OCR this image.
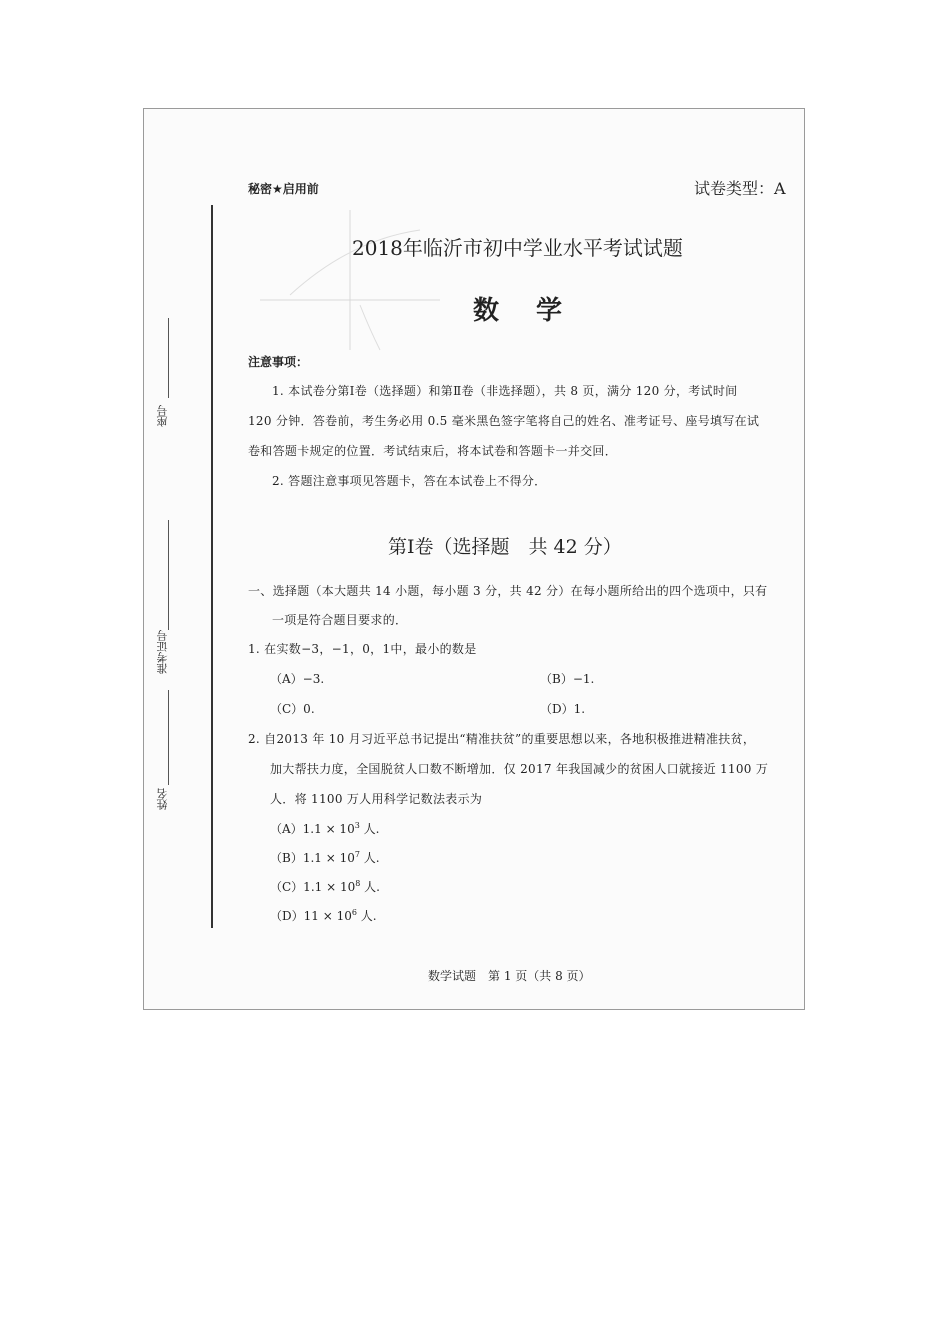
秘密★启用前	试卷类型：A
座号
准考证号
姓名
2018年临沂市初中学业水平考试试题
数 学
注意事项：
1. 本试卷分第Ⅰ卷（选择题）和第Ⅱ卷（非选择题），共 8 页，满分 120 分，考试时间
120 分钟．答卷前，考生务必用 0.5 毫米黑色签字笔将自己的姓名、准考证号、座号填写在试
卷和答题卡规定的位置．考试结束后，将本试卷和答题卡一并交回．
2. 答题注意事项见答题卡，答在本试卷上不得分．
第Ⅰ卷（选择题　共 42 分）
一、选择题（本大题共 14 小题，每小题 3 分，共 42 分）在每小题所给出的四个选项中，只有
一项是符合题目要求的．
1. 在实数−3，−1，0，1中，最小的数是
（A）−3.	（B）−1.
（C）0.	（D）1.
2. 自2013 年 10 月习近平总书记提出“精准扶贫”的重要思想以来，各地积极推进精准扶贫，
加大帮扶力度，全国脱贫人口数不断增加．仅 2017 年我国减少的贫困人口就接近 1100 万
人．将 1100 万人用科学记数法表示为
$(A)1.1 \times 10^3$ 人.
$(B)1.1 \times 10^7$ 人.
$(C)1.1 \times 10^8$ 人.
$(D)11 \times 10^6$ 人.
数学试题　第 1 页（共 8 页）
